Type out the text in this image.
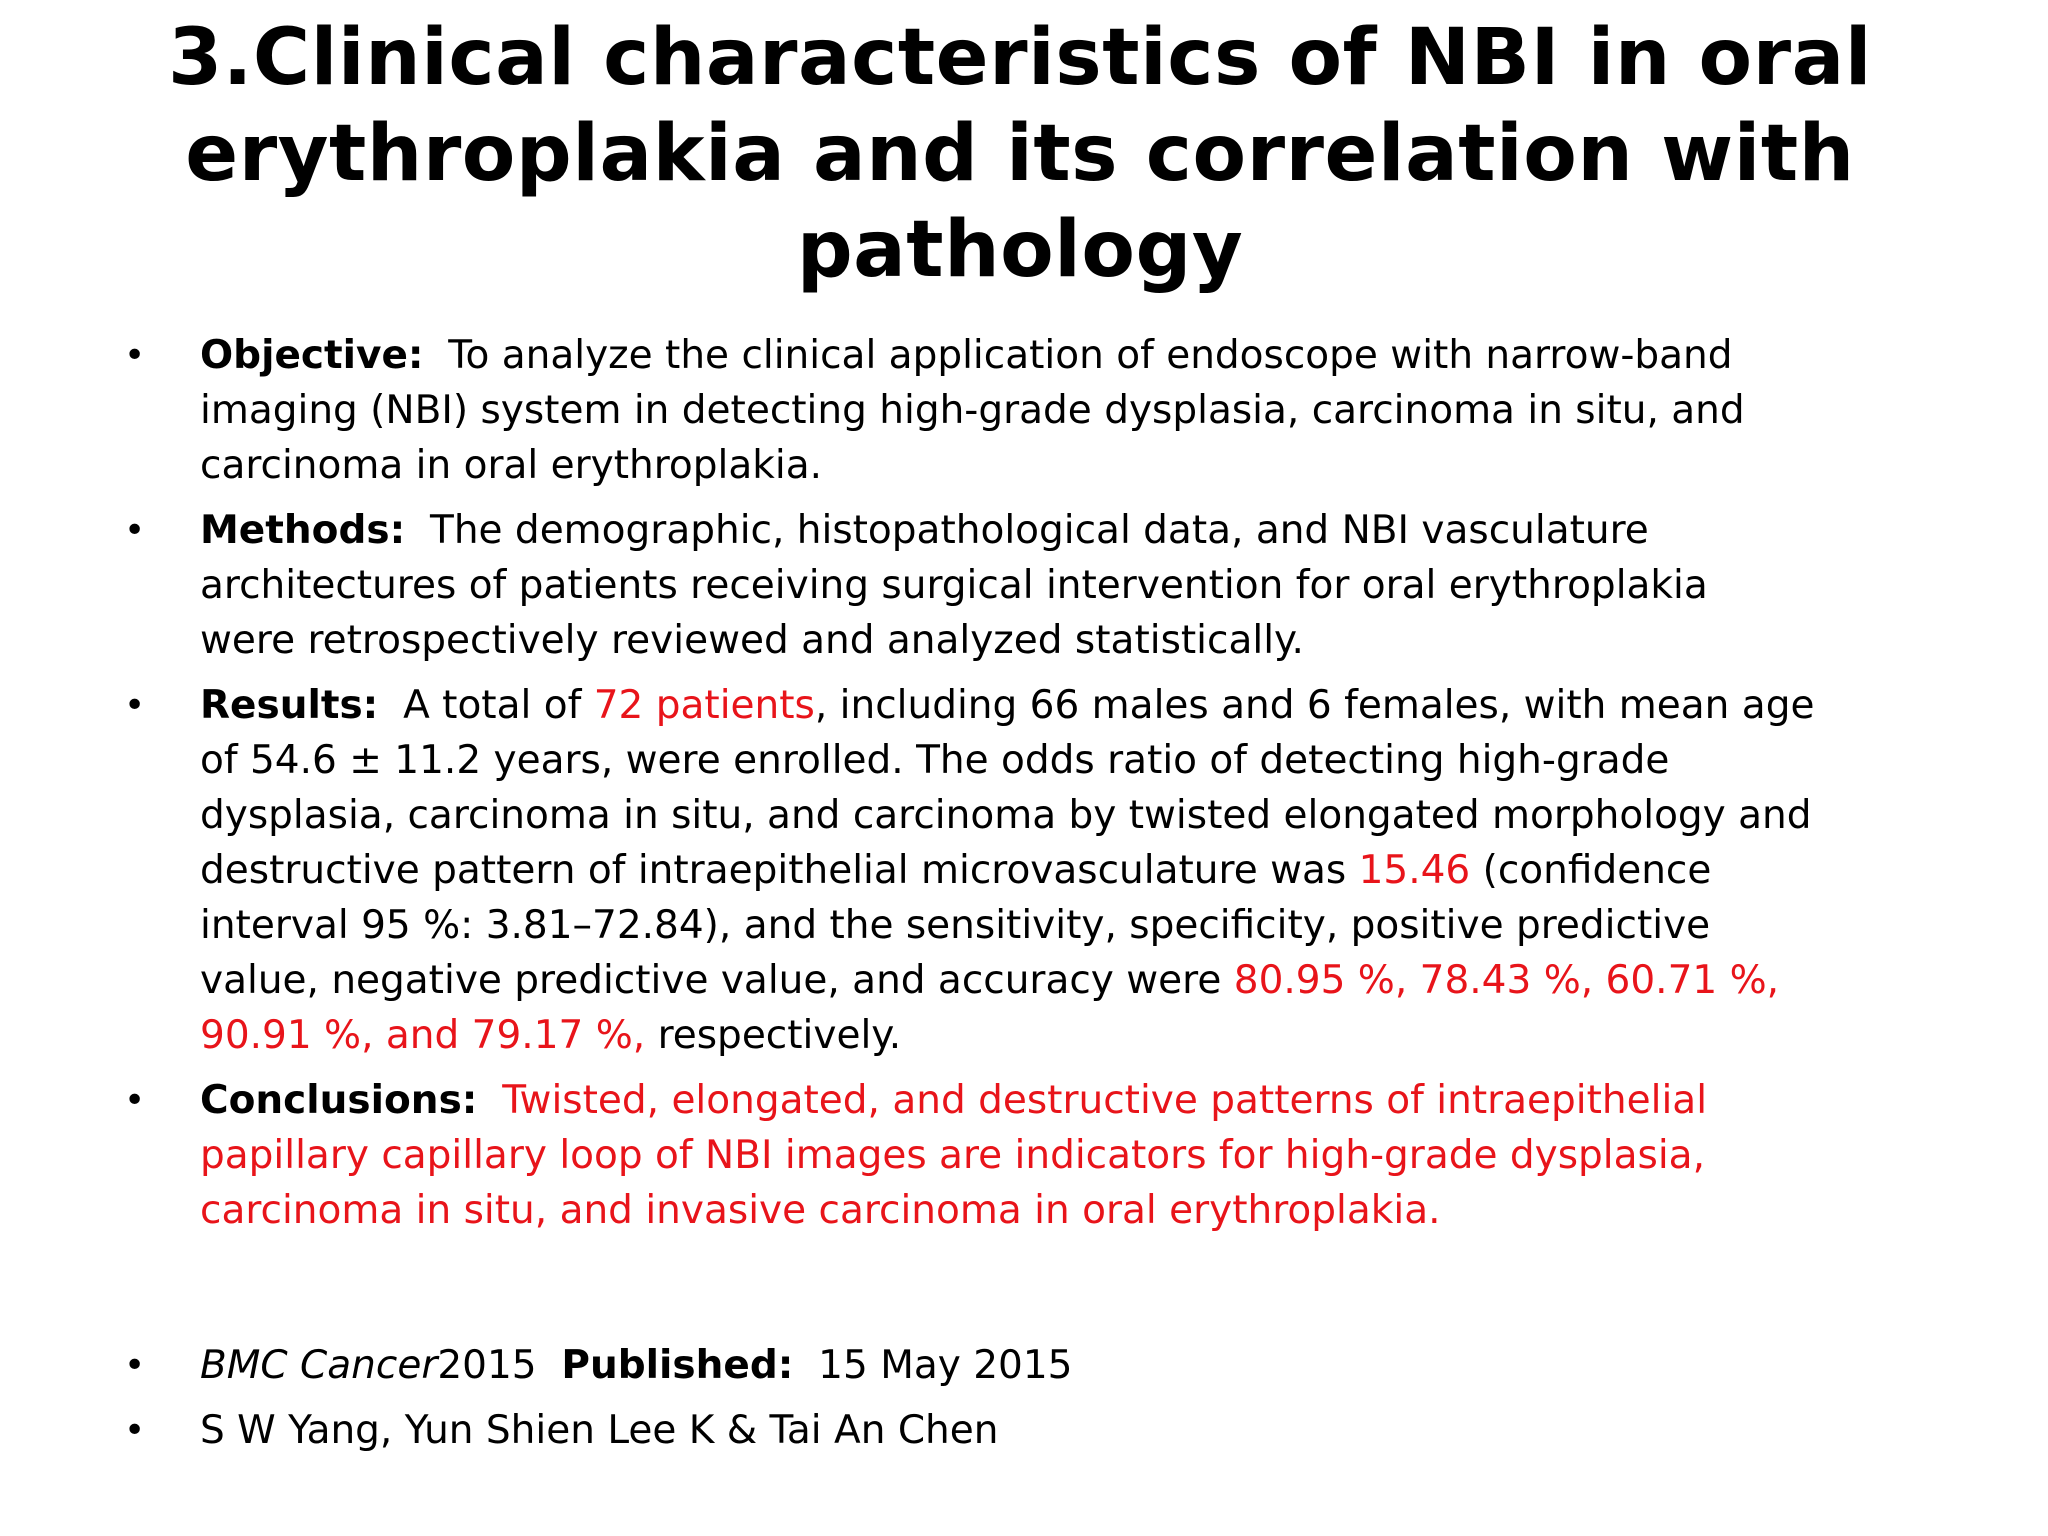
3.Clinical characteristics of NBI in oral
erythroplakia and its correlation with
pathology
• Objective: To analyze the clinical application of endoscope with narrow-band
imaging (NBI) system in detecting high-grade dysplasia, carcinoma in situ, and
carcinoma in oral erythroplakia.
• Methods: The demographic, histopathological data, and NBI vasculature
architectures of patients receiving surgical intervention for oral erythroplakia
were retrospectively reviewed and analyzed statistically.
• Results: A total of 72 patients, including 66 males and 6 females, with mean age
of 54.6 ± 11.2 years, were enrolled. The odds ratio of detecting high-grade
dysplasia, carcinoma in situ, and carcinoma by twisted elongated morphology and
destructive pattern of intraepithelial microvasculature was 15.46 (confidence
interval 95 %: 3.81–72.84), and the sensitivity, specificity, positive predictive
value, negative predictive value, and accuracy were 80.95 %, 78.43 %, 60.71 %,
90.91 %, and 79.17 %, respectively.
• Conclusions: Twisted, elongated, and destructive patterns of intraepithelial
papillary capillary loop of NBI images are indicators for high-grade dysplasia,
carcinoma in situ, and invasive carcinoma in oral erythroplakia.
• BMC Cancer2015 Published: 15 May 2015
• S W Yang, Yun Shien Lee K & Tai An Chen
